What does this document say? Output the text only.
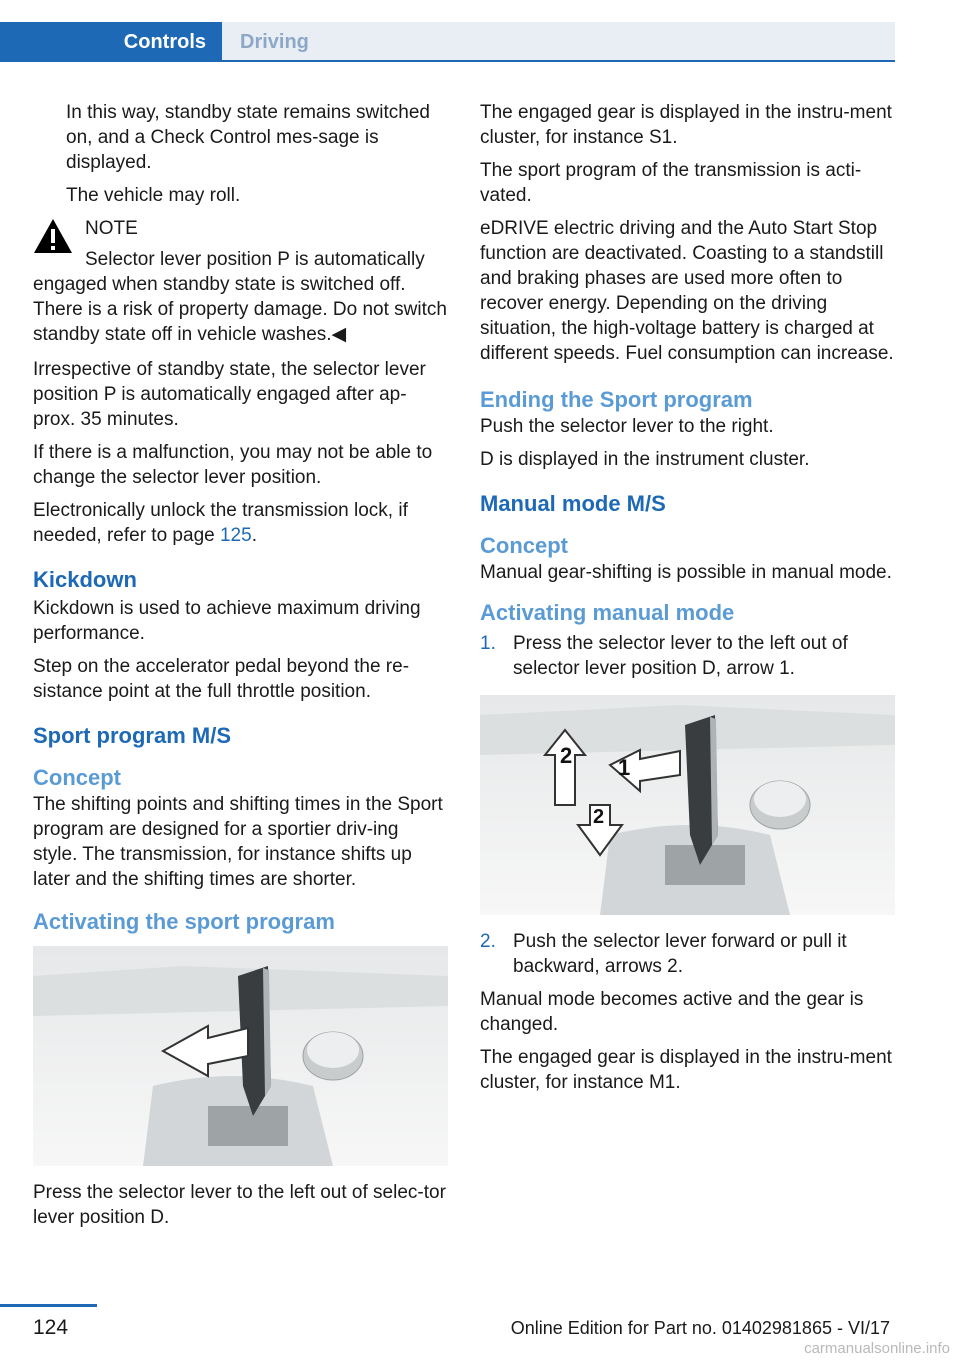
Controls	Driving

In this way, standby state remains switched on, and a Check Control mes‐sage is displayed.

The vehicle may roll.

NOTE

Selector lever position P is automatically engaged when standby state is switched off. There is a risk of property damage. Do not switch standby state off in vehicle washes.◀

Irrespective of standby state, the selector lever position P is automatically engaged after ap‐prox. 35 minutes.

If there is a malfunction, you may not be able to change the selector lever position.

Electronically unlock the transmission lock, if needed, refer to page 125.

Kickdown

Kickdown is used to achieve maximum driving performance.

Step on the accelerator pedal beyond the re‐sistance point at the full throttle position.

Sport program M/S
Concept

The shifting points and shifting times in the Sport program are designed for a sportier driv‐ing style. The transmission, for instance shifts up later and the shifting times are shorter.

Activating the sport program

Press the selector lever to the left out of selec‐tor lever position D.

The engaged gear is displayed in the instru‐ment cluster, for instance S1.

The sport program of the transmission is acti‐vated.

eDRIVE electric driving and the Auto Start Stop function are deactivated. Coasting to a standstill and braking phases are used more often to recover energy. Depending on the driving situation, the high-voltage battery is charged at different speeds. Fuel consumption can increase.

Ending the Sport program

Push the selector lever to the right.

D is displayed in the instrument cluster.

Manual mode M/S
Concept

Manual gear-shifting is possible in manual mode.

Activating manual mode
1. Press the selector lever to the left out of selector lever position D, arrow 1.
1
2
2
2. Push the selector lever forward or pull it backward, arrows 2.

Manual mode becomes active and the gear is changed.

The engaged gear is displayed in the instru‐ment cluster, for instance M1.

124	Online Edition for Part no. 01402981865 - VI/17
carmanualsonline.info
